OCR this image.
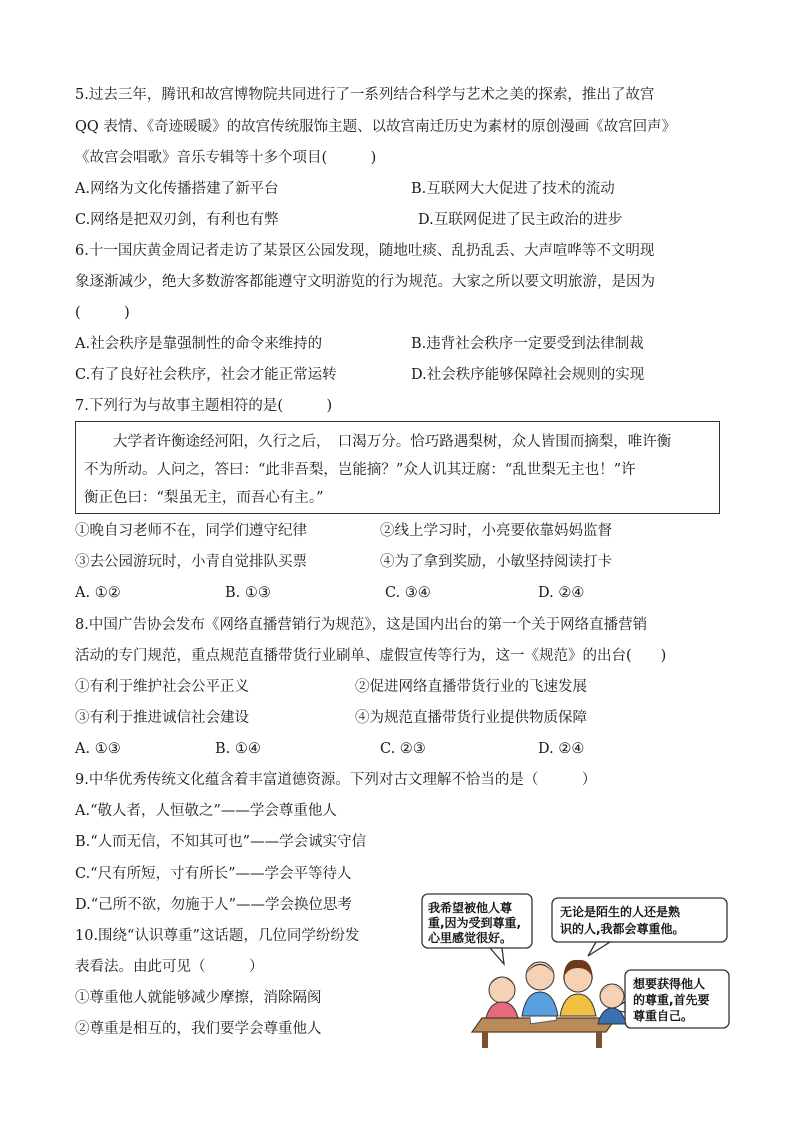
5.过去三年，腾讯和故宫博物院共同进行了一系列结合科学与艺术之美的探索，推出了故宫
QQ 表情、《奇迹暖暖》的故宫传统服饰主题、以故宫南迁历史为素材的原创漫画《故宫回声》
《故宫会唱歌》音乐专辑等十多个项目(　　　)
A.网络为文化传播搭建了新平台	B.互联网大大促进了技术的流动
C.网络是把双刃剑，有利也有弊	D.互联网促进了民主政治的进步
6.十一国庆黄金周记者走访了某景区公园发现，随地吐痰、乱扔乱丢、大声喧哗等不文明现
象逐渐减少，绝大多数游客都能遵守文明游览的行为规范。大家之所以要文明旅游，是因为
(　　　)
A.社会秩序是靠强制性的命令来维持的	B.违背社会秩序一定要受到法律制裁
C.有了良好社会秩序，社会才能正常运转	D.社会秩序能够保障社会规则的实现
7.下列行为与故事主题相符的是(　　　)
　　大学者许衡途经河阳，久行之后，　口渴万分。恰巧路遇梨树，众人皆围而摘梨，唯许衡
不为所动。人问之，答曰：“此非吾梨，岂能摘？”众人讥其迂腐：“乱世梨无主也！”许
衡正色曰：“梨虽无主，而吾心有主。”
①晚自习老师不在，同学们遵守纪律	②线上学习时，小亮要依靠妈妈监督
③去公园游玩时，小青自觉排队买票	④为了拿到奖励，小敏坚持阅读打卡
A. ①②	B. ①③	C. ③④	D. ②④
8.中国广告协会发布《网络直播营销行为规范》，这是国内出台的第一个关于网络直播营销
活动的专门规范，重点规范直播带货行业刷单、虚假宣传等行为，这一《规范》的出台(　　)
①有利于维护社会公平正义	②促进网络直播带货行业的飞速发展
③有利于推进诚信社会建设	④为规范直播带货行业提供物质保障
A. ①③	B. ①④	C. ②③	D. ②④
9.中华优秀传统文化蕴含着丰富道德资源。下列对古文理解不恰当的是（　　　）
A.“敬人者，人恒敬之”——学会尊重他人
B.“人而无信，不知其可也”——学会诚实守信
C.“尺有所短，寸有所长”——学会平等待人
D.“己所不欲，勿施于人”——学会换位思考
10.围绕“认识尊重”这话题，几位同学纷纷发
表看法。由此可见（　　　）
①尊重他人就能够减少摩擦，消除隔阂
②尊重是相互的，我们要学会尊重他人
我希望被他人尊
重,因为受到尊重,
心里感觉很好。
无论是陌生的人还是熟
识的人,我都会尊重他。
想要获得他人
的尊重,首先要
尊重自己。
